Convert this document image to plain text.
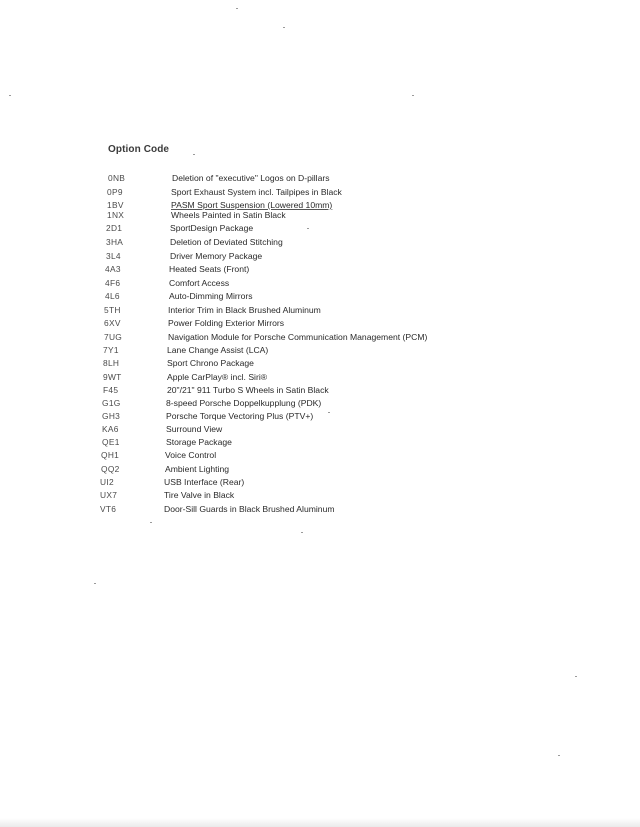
Option Code
0NB	Deletion of "executive" Logos on D-pillars
0P9	Sport Exhaust System incl. Tailpipes in Black
1BV	PASM Sport Suspension (Lowered 10mm)
1NX	Wheels Painted in Satin Black
2D1	SportDesign Package
3HA	Deletion of Deviated Stitching
3L4	Driver Memory Package
4A3	Heated Seats (Front)
4F6	Comfort Access
4L6	Auto-Dimming Mirrors
5TH	Interior Trim in Black Brushed Aluminum
6XV	Power Folding Exterior Mirrors
7UG	Navigation Module for Porsche Communication Management (PCM)
7Y1	Lane Change Assist (LCA)
8LH	Sport Chrono Package
9WT	Apple CarPlay® incl. Siri®
F45	20"/21" 911 Turbo S Wheels in Satin Black
G1G	8-speed Porsche Doppelkupplung (PDK)
GH3	Porsche Torque Vectoring Plus (PTV+)
KA6	Surround View
QE1	Storage Package
QH1	Voice Control
QQ2	Ambient Lighting
UI2	USB Interface (Rear)
UX7	Tire Valve in Black
VT6	Door-Sill Guards in Black Brushed Aluminum
